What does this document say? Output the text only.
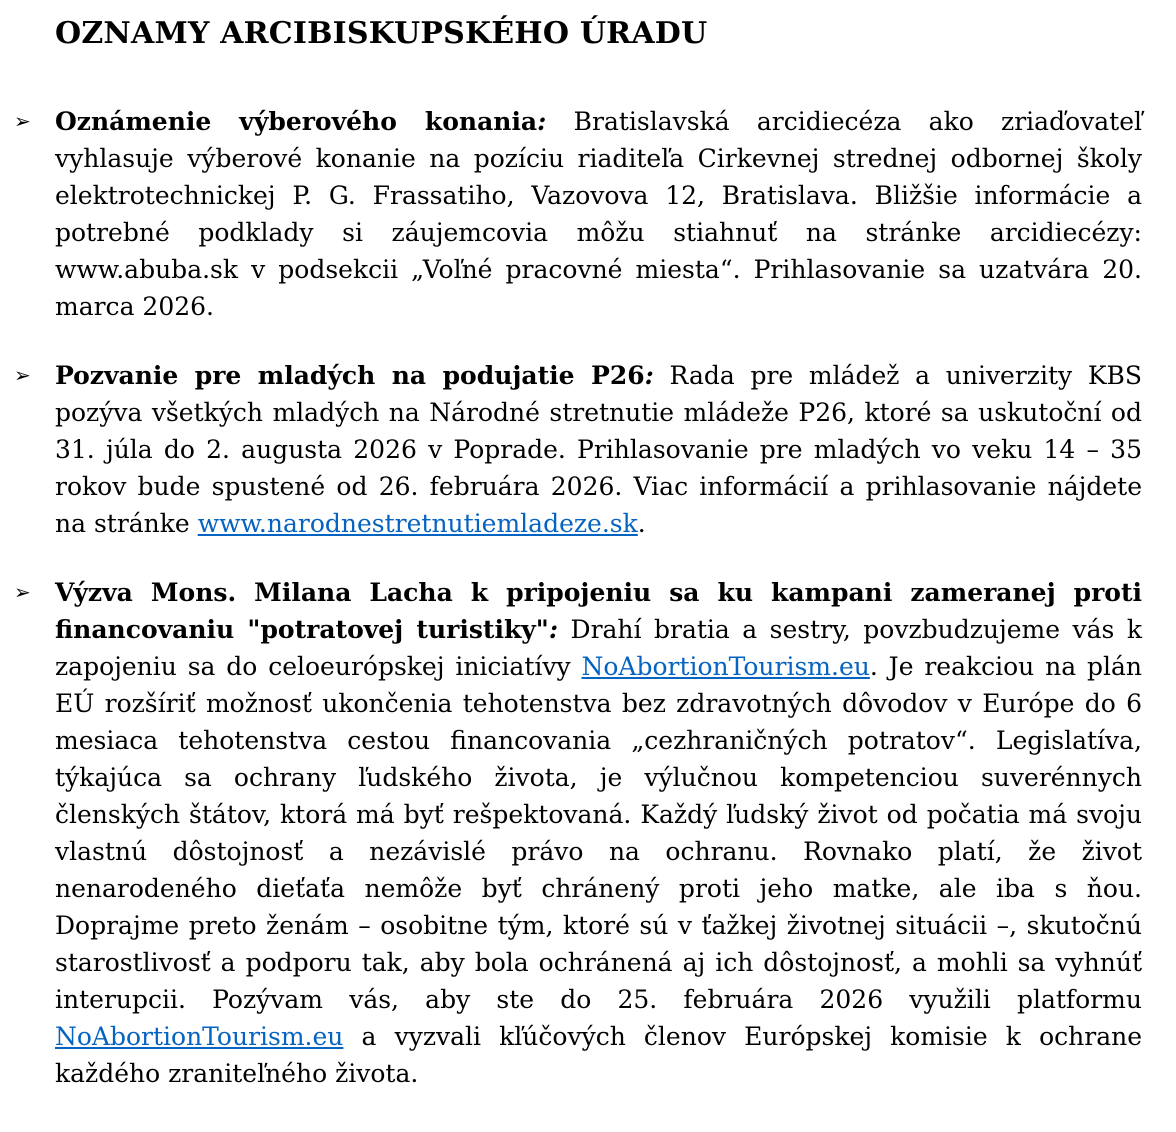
OZNAMY ARCIBISKUPSKÉHO ÚRADU
➢ Oznámenie výberového konania: Bratislavská arcidiecéza ako zriaďovateľ vyhlasuje výberové konanie na pozíciu riaditeľa Cirkevnej strednej odbornej školy elektrotechnickej P. G. Frassatiho, Vazovova 12, Bratislava. Bližšie informácie a potrebné podklady si záujemcovia môžu stiahnuť na stránke arcidiecézy: www.abuba.sk v podsekcii „Voľné pracovné miesta“. Prihlasovanie sa uzatvára 20. marca 2026.

➢ Pozvanie pre mladých na podujatie P26: Rada pre mládež a univerzity KBS pozýva všetkých mladých na Národné stretnutie mládeže P26, ktoré sa uskutoční od 31. júla do 2. augusta 2026 v Poprade. Prihlasovanie pre mladých vo veku 14 – 35 rokov bude spustené od 26. februára 2026. Viac informácií a prihlasovanie nájdete na stránke www.narodnestretnutiemladeze.sk.

➢ Výzva Mons. Milana Lacha k pripojeniu sa ku kampani zameranej proti financovaniu "potratovej turistiky": Drahí bratia a sestry, povzbudzujeme vás k zapojeniu sa do celoeurópskej iniciatívy NoAbortionTourism.eu. Je reakciou na plán EÚ rozšíriť možnosť ukončenia tehotenstva bez zdravotných dôvodov v Európe do 6 mesiaca tehotenstva cestou financovania „cezhraničných potratov“. Legislatíva, týkajúca sa ochrany ľudského života, je výlučnou kompetenciou suverénnych členských štátov, ktorá má byť rešpektovaná. Každý ľudský život od počatia má svoju vlastnú dôstojnosť a nezávislé právo na ochranu. Rovnako platí, že život nenarodeného dieťaťa nemôže byť chránený proti jeho matke, ale iba s ňou. Doprajme preto ženám – osobitne tým, ktoré sú v ťažkej životnej situácii –, skutočnú starostlivosť a podporu tak, aby bola ochránená aj ich dôstojnosť, a mohli sa vyhnúť interupcii. Pozývam vás, aby ste do 25. februára 2026 využili platformu NoAbortionTourism.eu a vyzvali kľúčových členov Európskej komisie k ochrane každého zraniteľného života.
